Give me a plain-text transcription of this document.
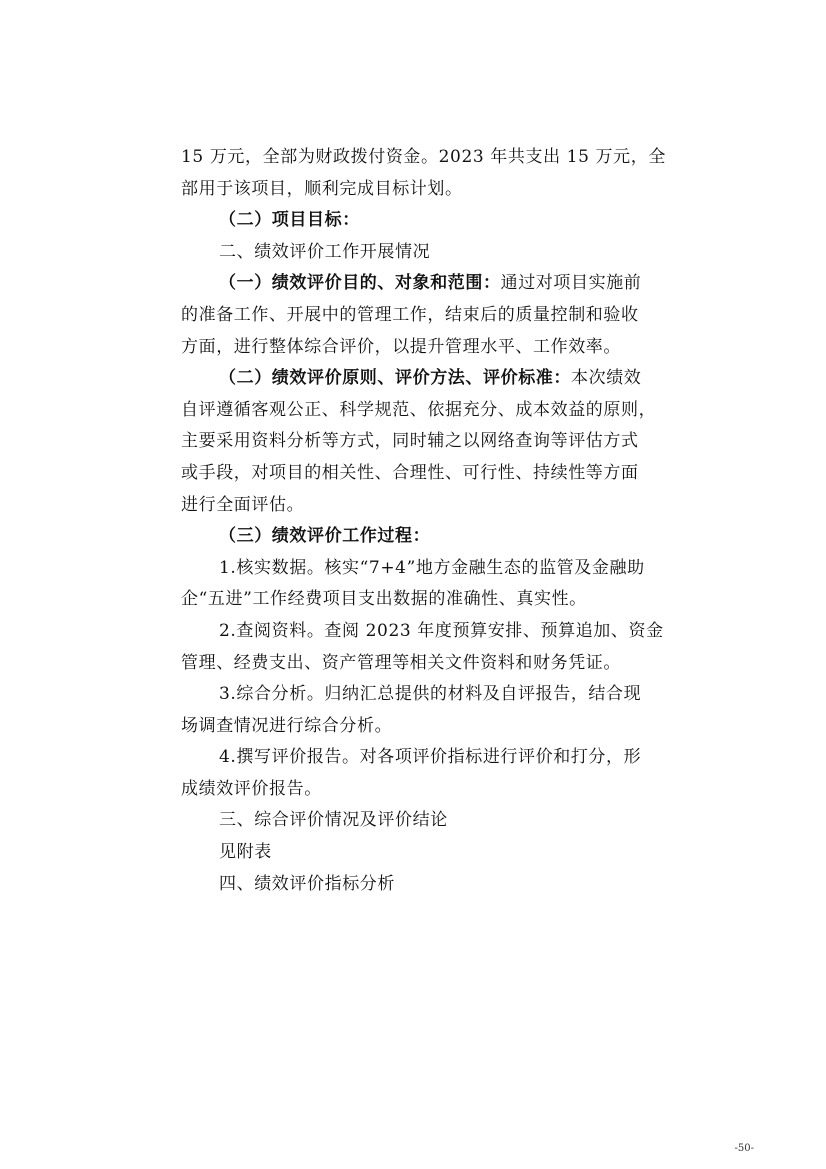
15 万元，全部为财政拨付资金。2023 年共支出 15 万元，全
部用于该项目，顺利完成目标计划。
（二）项目目标：
二、绩效评价工作开展情况
（一）绩效评价目的、对象和范围：通过对项目实施前
的准备工作、开展中的管理工作，结束后的质量控制和验收
方面，进行整体综合评价，以提升管理水平、工作效率。
（二）绩效评价原则、评价方法、评价标准：本次绩效
自评遵循客观公正、科学规范、依据充分、成本效益的原则，
主要采用资料分析等方式，同时辅之以网络查询等评估方式
或手段，对项目的相关性、合理性、可行性、持续性等方面
进行全面评估。
（三）绩效评价工作过程：
1.核实数据。核实“7+4”地方金融生态的监管及金融助
企“五进”工作经费项目支出数据的准确性、真实性。
2.查阅资料。查阅 2023 年度预算安排、预算追加、资金
管理、经费支出、资产管理等相关文件资料和财务凭证。
3.综合分析。归纳汇总提供的材料及自评报告，结合现
场调查情况进行综合分析。
4.撰写评价报告。对各项评价指标进行评价和打分，形
成绩效评价报告。
三、综合评价情况及评价结论
见附表
四、绩效评价指标分析
-50-
